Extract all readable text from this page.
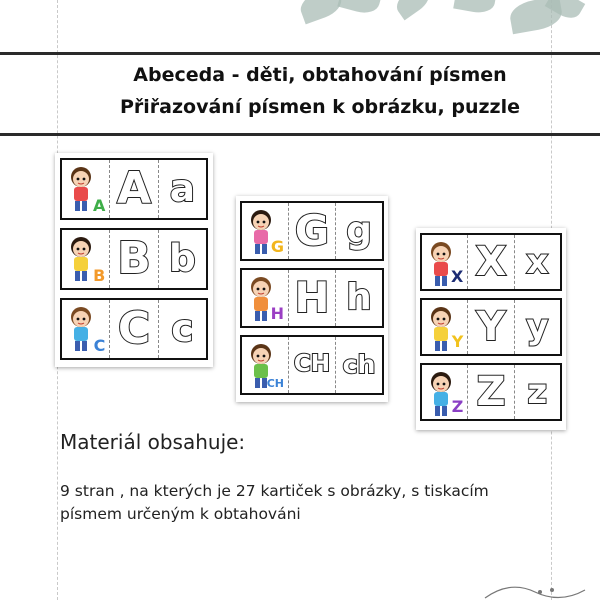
Abeceda - děti, obtahování písmen
Přiřazování písmen k obrázku, puzzle
A A a
B B b
C C c
G G g
H H h
CH
CH ch
X X x
Y Y y
Z Z z
Materiál obsahuje:
9 stran , na kterých je 27 kartiček s obrázky, s tiskacím písmem určeným k obtahováni
